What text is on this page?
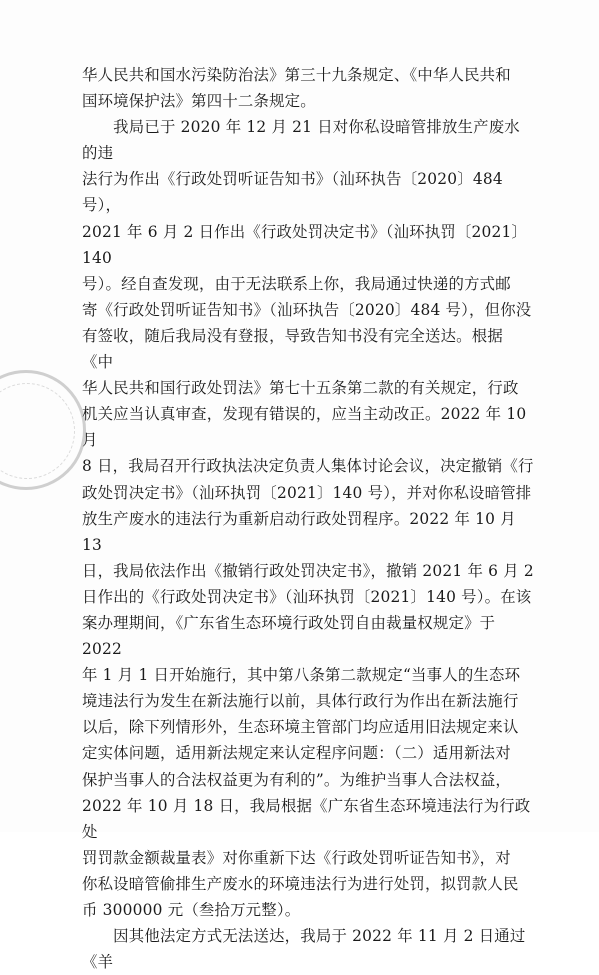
华人民共和国水污染防治法》第三十九条规定、《中华人民共和

国环境保护法》第四十二条规定。

　　我局已于 2020 年 12 月 21 日对你私设暗管排放生产废水的违

法行为作出《行政处罚听证告知书》（汕环执告〔2020〕484 号），

2021 年 6 月 2 日作出《行政处罚决定书》（汕环执罚〔2021〕140

号）。经自查发现，由于无法联系上你，我局通过快递的方式邮

寄《行政处罚听证告知书》（汕环执告〔2020〕484 号），但你没

有签收，随后我局没有登报，导致告知书没有完全送达。根据《中

华人民共和国行政处罚法》第七十五条第二款的有关规定，行政

机关应当认真审查，发现有错误的，应当主动改正。2022 年 10 月

8 日，我局召开行政执法决定负责人集体讨论会议，决定撤销《行

政处罚决定书》（汕环执罚〔2021〕140 号），并对你私设暗管排

放生产废水的违法行为重新启动行政处罚程序。2022 年 10 月 13

日，我局依法作出《撤销行政处罚决定书》，撤销 2021 年 6 月 2

日作出的《行政处罚决定书》（汕环执罚〔2021〕140 号）。在该

案办理期间，《广东省生态环境行政处罚自由裁量权规定》于 2022

年 1 月 1 日开始施行，其中第八条第二款规定“当事人的生态环

境违法行为发生在新法施行以前，具体行政行为作出在新法施行

以后，除下列情形外，生态环境主管部门均应适用旧法规定来认

定实体问题，适用新法规定来认定程序问题：（二）适用新法对

保护当事人的合法权益更为有利的”。为维护当事人合法权益，

2022 年 10 月 18 日，我局根据《广东省生态环境违法行为行政处

罚罚款金额裁量表》对你重新下达《行政处罚听证告知书》，对

你私设暗管偷排生产废水的环境违法行为进行处罚，拟罚款人民

币 300000 元（叁拾万元整）。

　　因其他法定方式无法送达，我局于 2022 年 11 月 2 日通过《羊
